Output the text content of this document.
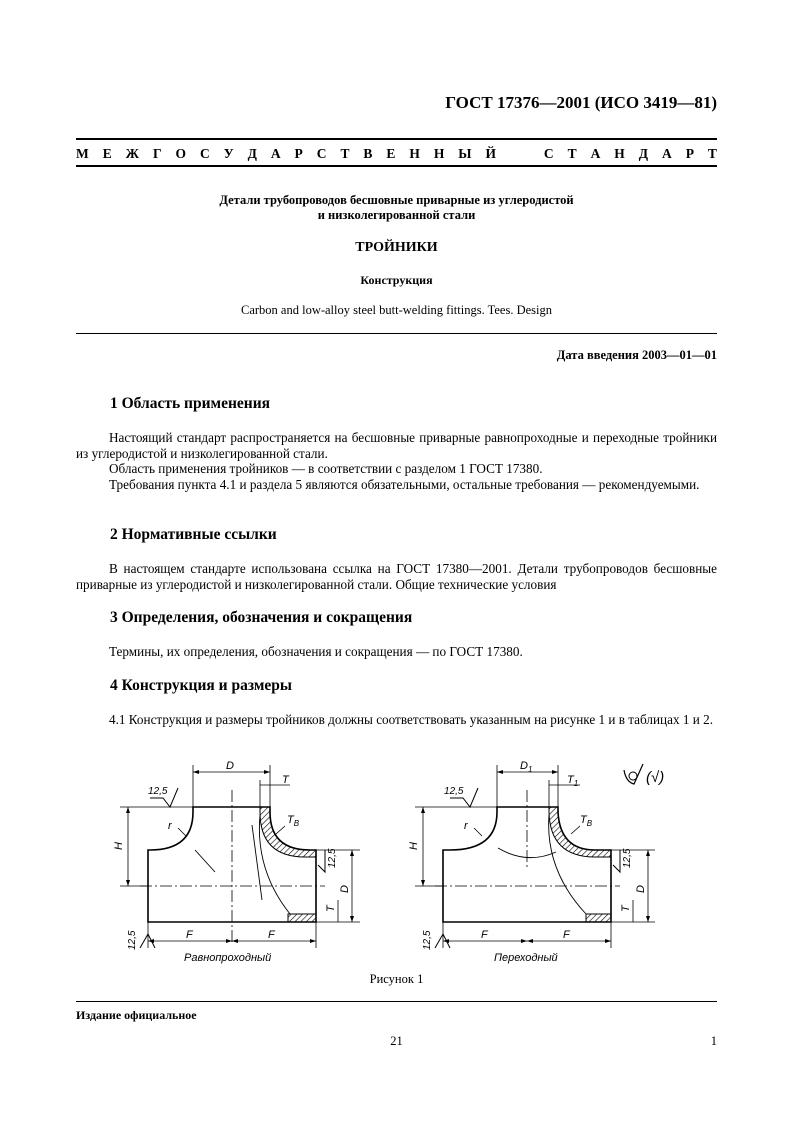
ГОСТ 17376—2001 (ИСО 3419—81)
М Е Ж Г О С У Д А Р С Т В Е Н Н Ы Й	С Т А Н Д А Р Т
Детали трубопроводов бесшовные приварные из углеродистой
и низколегированной стали
ТРОЙНИКИ
Конструкция
Carbon and low-alloy steel butt-welding fittings. Tees. Design
Дата введения 2003—01—01
1 Область применения

Настоящий стандарт распространяется на бесшовные приварные равнопроходные и переходные тройники из углеродистой и низколегированной стали.

Область применения тройников — в соответствии с разделом 1 ГОСТ 17380.

Требования пункта 4.1 и раздела 5 являются обязательными, остальные требования — рекомендуемыми.

2 Нормативные ссылки

В настоящем стандарте использована ссылка на ГОСТ 17380—2001. Детали трубопроводов бесшовные приварные из углеродистой и низколегированной стали. Общие технические условия

3 Определения, обозначения и сокращения

Термины, их определения, обозначения и сокращения — по ГОСТ 17380.

4 Конструкция и размеры

4.1 Конструкция и размеры тройников должны соответствовать указанным на рисунке 1 и в таблицах 1 и 2.

D
T
r	$T_B$
12,5
H
12,5
D
T
F	F
12,5
Равнопроходный
$D_1$
$T_1$
r	$T_B$
12,5
H
12,5
D
T
F	F
12,5
Переходный
(√)
Рисунок 1
Издание официальное
21	1
